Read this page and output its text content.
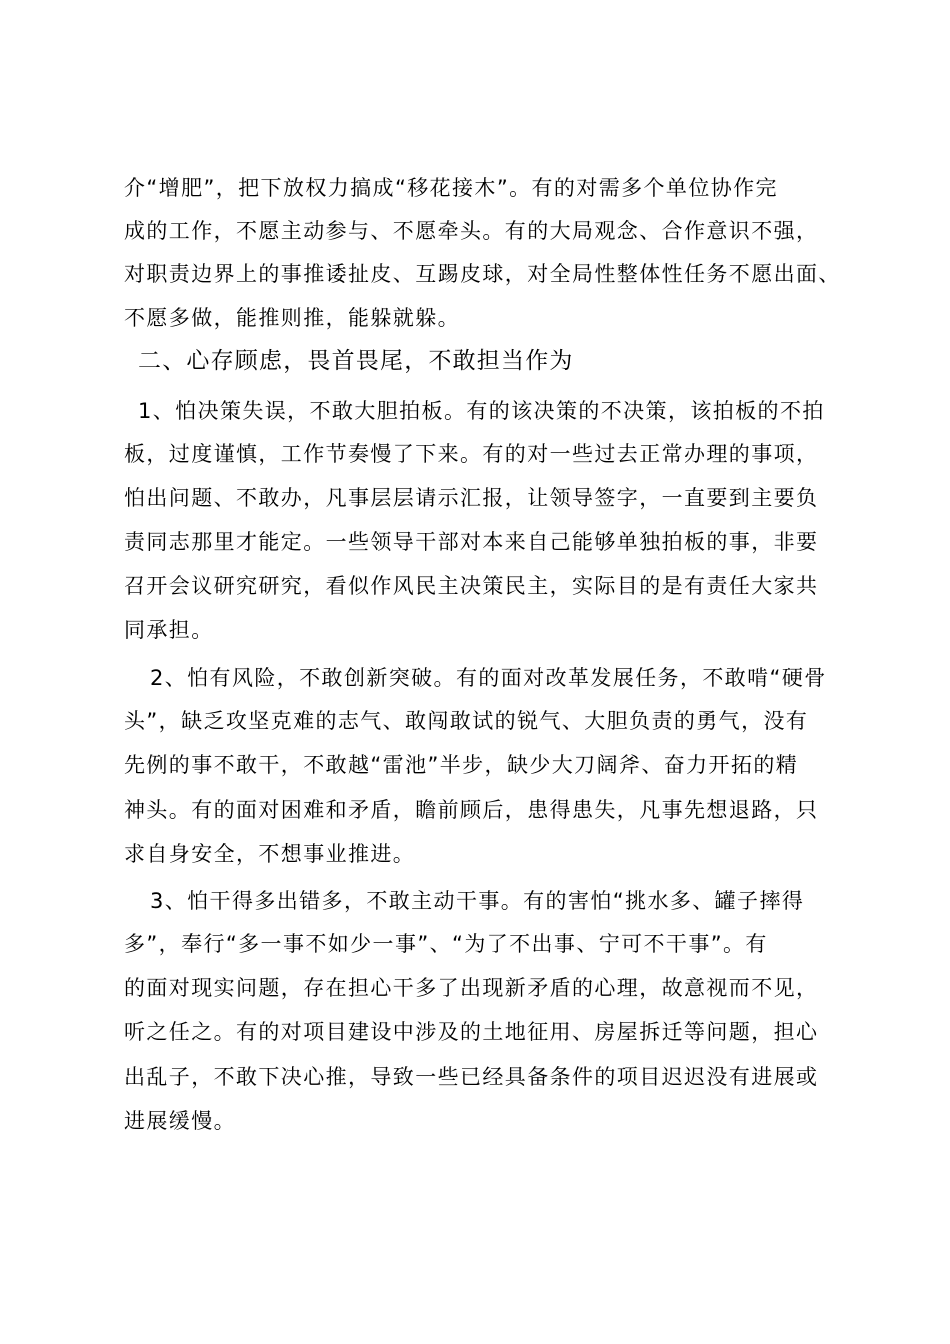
介“增肥”，把下放权力搞成“移花接木”。有的对需多个单位协作完
成的工作，不愿主动参与、不愿牵头。有的大局观念、合作意识不强，
对职责边界上的事推诿扯皮、互踢皮球，对全局性整体性任务不愿出面、
不愿多做，能推则推，能躲就躲。
二、心存顾虑，畏首畏尾，不敢担当作为
1、怕决策失误，不敢大胆拍板。有的该决策的不决策，该拍板的不拍
板，过度谨慎，工作节奏慢了下来。有的对一些过去正常办理的事项，
怕出问题、不敢办，凡事层层请示汇报，让领导签字，一直要到主要负
责同志那里才能定。一些领导干部对本来自己能够单独拍板的事，非要
召开会议研究研究，看似作风民主决策民主，实际目的是有责任大家共
同承担。
2、怕有风险，不敢创新突破。有的面对改革发展任务，不敢啃“硬骨
头”，缺乏攻坚克难的志气、敢闯敢试的锐气、大胆负责的勇气，没有
先例的事不敢干，不敢越“雷池”半步，缺少大刀阔斧、奋力开拓的精
神头。有的面对困难和矛盾，瞻前顾后，患得患失，凡事先想退路，只
求自身安全，不想事业推进。
3、怕干得多出错多，不敢主动干事。有的害怕“挑水多、罐子摔得
多”，奉行“多一事不如少一事”、“为了不出事、宁可不干事”。有
的面对现实问题，存在担心干多了出现新矛盾的心理，故意视而不见，
听之任之。有的对项目建设中涉及的土地征用、房屋拆迁等问题，担心
出乱子，不敢下决心推，导致一些已经具备条件的项目迟迟没有进展或
进展缓慢。
